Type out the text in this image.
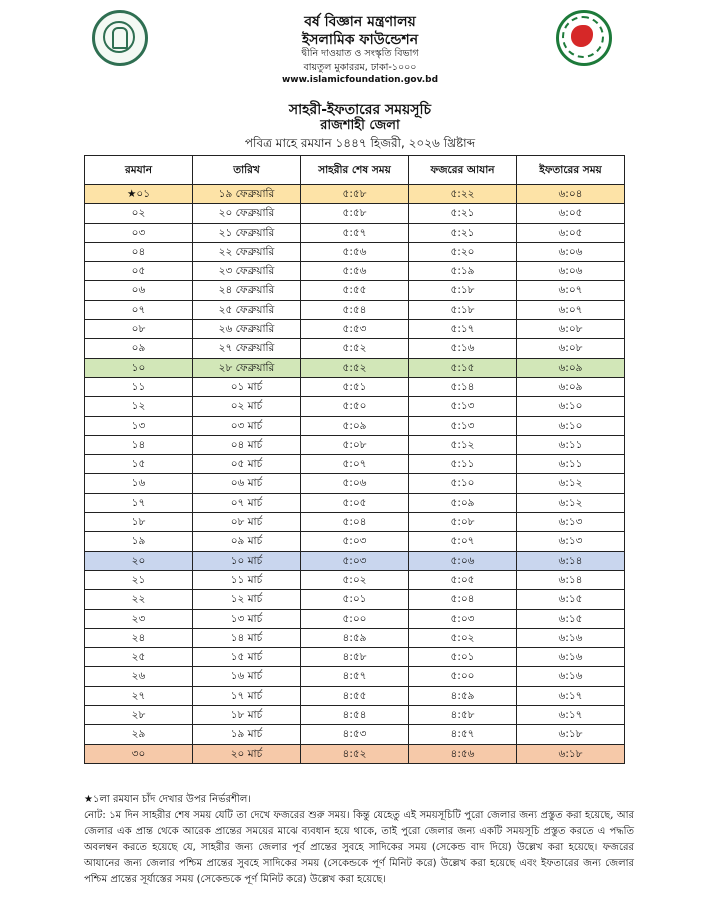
বর্ষ বিজ্ঞান মন্ত্রণালয়
ইসলামিক ফাউন্ডেশন
দ্বীনি দাওয়াত ও সংস্কৃতি বিভাগ
বায়তুল মুকাররম, ঢাকা-১০০০
www.islamicfoundation.gov.bd
সাহরী-ইফতারের সময়সূচি
রাজশাহী জেলা
পবিত্র মাহে রমযান ১৪৪৭ হিজরী, ২০২৬ খ্রিষ্টাব্দ
রমযান	তারিখ	সাহরীর শেষ সময়	ফজরের আযান	ইফতারের সময়
★০১	১৯ ফেব্রুয়ারি	৫:৫৮	৫:২২	৬:০৪
০২	২০ ফেব্রুয়ারি	৫:৫৮	৫:২১	৬:০৫
০৩	২১ ফেব্রুয়ারি	৫:৫৭	৫:২১	৬:০৫
০৪	২২ ফেব্রুয়ারি	৫:৫৬	৫:২০	৬:০৬
০৫	২৩ ফেব্রুয়ারি	৫:৫৬	৫:১৯	৬:০৬
০৬	২৪ ফেব্রুয়ারি	৫:৫৫	৫:১৮	৬:০৭
০৭	২৫ ফেব্রুয়ারি	৫:৫৪	৫:১৮	৬:০৭
০৮	২৬ ফেব্রুয়ারি	৫:৫৩	৫:১৭	৬:০৮
০৯	২৭ ফেব্রুয়ারি	৫:৫২	৫:১৬	৬:০৮
১০	২৮ ফেব্রুয়ারি	৫:৫২	৫:১৫	৬:০৯
১১	০১ মার্চ	৫:৫১	৫:১৪	৬:০৯
১২	০২ মার্চ	৫:৫০	৫:১৩	৬:১০
১৩	০৩ মার্চ	৫:০৯	৫:১৩	৬:১০
১৪	০৪ মার্চ	৫:০৮	৫:১২	৬:১১
১৫	০৫ মার্চ	৫:০৭	৫:১১	৬:১১
১৬	০৬ মার্চ	৫:০৬	৫:১০	৬:১২
১৭	০৭ মার্চ	৫:০৫	৫:০৯	৬:১২
১৮	০৮ মার্চ	৫:০৪	৫:০৮	৬:১৩
১৯	০৯ মার্চ	৫:০৩	৫:০৭	৬:১৩
২০	১০ মার্চ	৫:০৩	৫:০৬	৬:১৪
২১	১১ মার্চ	৫:০২	৫:০৫	৬:১৪
২২	১২ মার্চ	৫:০১	৫:০৪	৬:১৫
২৩	১৩ মার্চ	৫:০০	৫:০৩	৬:১৫
২৪	১৪ মার্চ	৪:৫৯	৫:০২	৬:১৬
২৫	১৫ মার্চ	৪:৫৮	৫:০১	৬:১৬
২৬	১৬ মার্চ	৪:৫৭	৫:০০	৬:১৬
২৭	১৭ মার্চ	৪:৫৫	৪:৫৯	৬:১৭
২৮	১৮ মার্চ	৪:৫৪	৪:৫৮	৬:১৭
২৯	১৯ মার্চ	৪:৫৩	৪:৫৭	৬:১৮
৩০	২০ মার্চ	৪:৫২	৪:৫৬	৬:১৮
★১লা রমযান চাঁদ দেখার উপর নির্ভরশীল।
নোট: ১ম দিন সাহরীর শেষ সময় যেটি তা দেখে ফজরের শুরু সময়। কিন্তু যেহেতু এই সময়সূচিটি পুরো জেলার জন্য প্রস্তুত করা হয়েছে, আর জেলার এক প্রান্ত থেকে আরেক প্রান্তের সময়ের মাঝে ব্যবধান হয়ে থাকে, তাই পুরো জেলার জন্য একটি সময়সূচি প্রস্তুত করতে এ পদ্ধতি অবলম্বন করতে হয়েছে যে, সাহরীর জন্য জেলার পূর্ব প্রান্তের সুবহে সাদিকের সময় (সেকেন্ড বাদ দিয়ে) উল্লেখ করা হয়েছে। ফজরের আযানের জন্য জেলার পশ্চিম প্রান্তের সুবহে সাদিকের সময় (সেকেন্ডকে পূর্ণ মিনিট করে) উল্লেখ করা হয়েছে এবং ইফতারের জন্য জেলার পশ্চিম প্রান্তের সূর্যাস্তের সময় (সেকেন্ডকে পূর্ণ মিনিট করে) উল্লেখ করা হয়েছে।
